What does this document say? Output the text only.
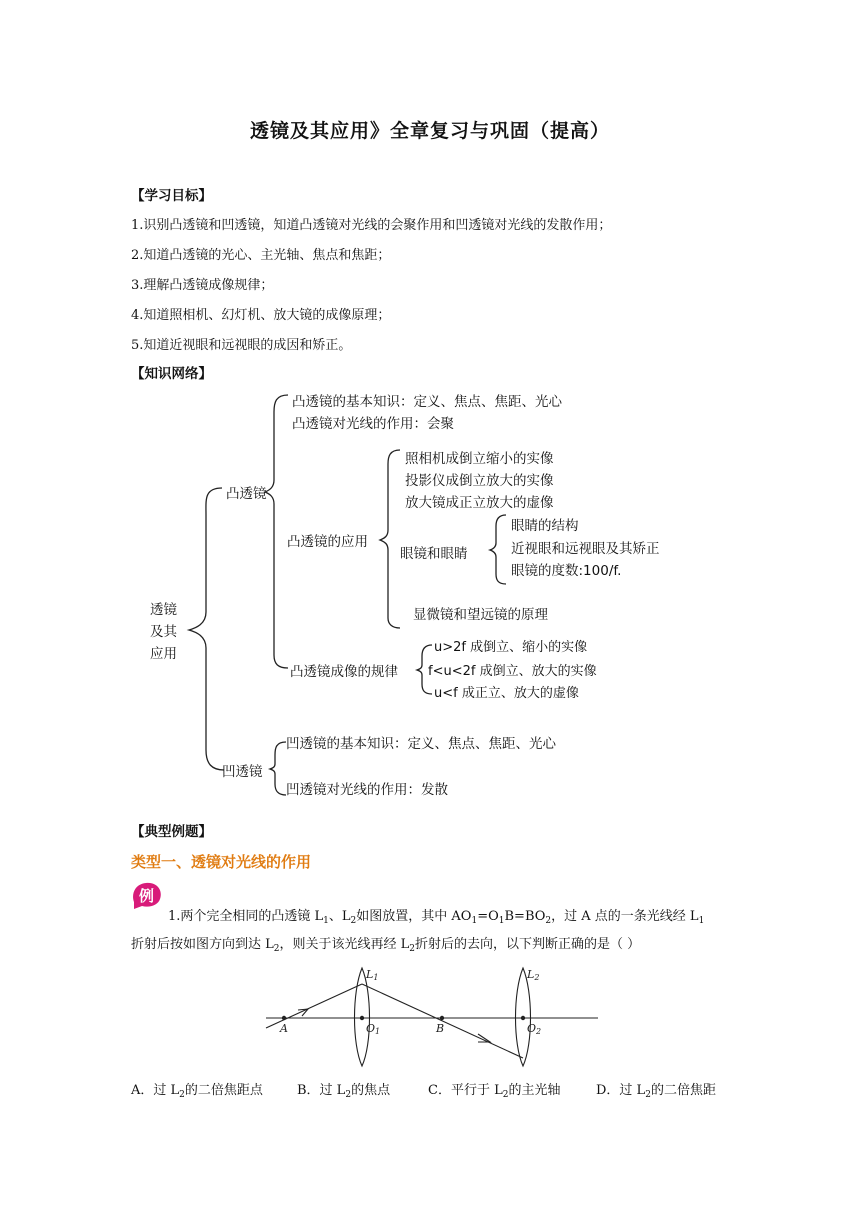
透镜及其应用》全章复习与巩固（提高）
【学习目标】
1.识别凸透镜和凹透镜，知道凸透镜对光线的会聚作用和凹透镜对光线的发散作用；
2.知道凸透镜的光心、主光轴、焦点和焦距；
3.理解凸透镜成像规律；
4.知道照相机、幻灯机、放大镜的成像原理；
5.知道近视眼和远视眼的成因和矫正。
【知识网络】
透镜
及其
应用
凸透镜
凹透镜
凸透镜的基本知识：定义、焦点、焦距、光心
凸透镜对光线的作用：会聚
凸透镜的应用
照相机成倒立缩小的实像
投影仪成倒立放大的实像
放大镜成正立放大的虚像
眼镜和眼睛
眼睛的结构
近视眼和远视眼及其矫正
眼镜的度数:100/f.
显微镜和望远镜的原理
凸透镜成像的规律
u>2f 成倒立、缩小的实像
f<u<2f 成倒立、放大的实像
u<f 成正立、放大的虚像
凹透镜的基本知识：定义、焦点、焦距、光心
凹透镜对光线的作用：发散
【典型例题】
类型一、透镜对光线的作用
例
1.两个完全相同的凸透镜 $L_1$、$L_2$如图放置，其中 $AO_1=O_1B=BO_2$，过 A 点的一条光线经 $L_1$
折射后按如图方向到达 $L_2$，则关于该光线再经 $L_2$折射后的去向，以下判断正确的是（ ）
A	O1	B	O2
L1	L2
A．过 $L_2$的二倍焦距点	B．过 $L_2$的焦点	C．平行于 $L_2$的主光轴	D．过 $L_2$的二倍焦距
